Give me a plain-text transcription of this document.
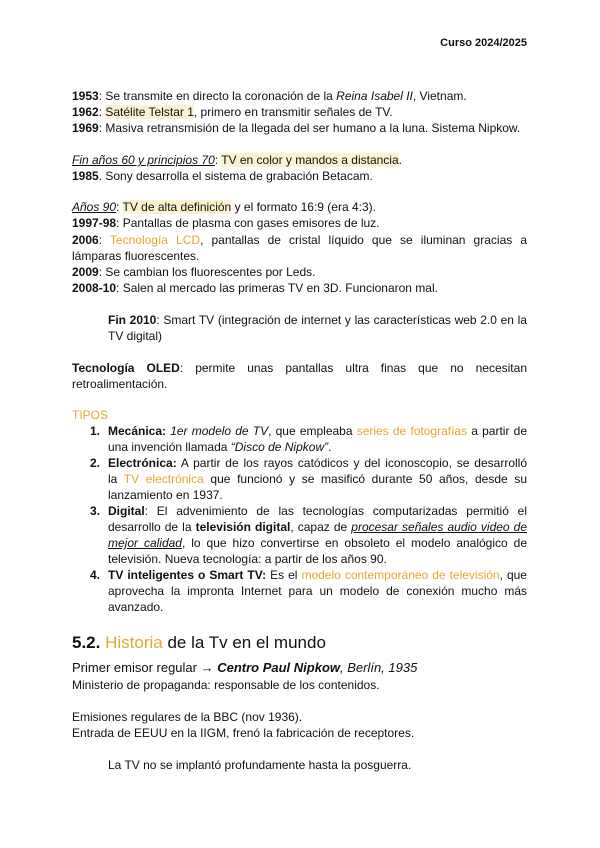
Curso 2024/2025
1953: Se transmite en directo la coronación de la Reina Isabel II, Vietnam.
1962: Satélite Telstar 1, primero en transmitir señales de TV.
1969: Masiva retransmisión de la llegada del ser humano a la luna. Sistema Nipkow.
Fin años 60 y principios 70: TV en color y mandos a distancia.
1985. Sony desarrolla el sistema de grabación Betacam.
Años 90: TV de alta definición y el formato 16:9 (era 4:3).
1997-98: Pantallas de plasma con gases emisores de luz.
2006: Tecnología LCD, pantallas de cristal líquido que se iluminan gracias a
lámparas fluorescentes.
2009: Se cambian los fluorescentes por Leds.
2008-10: Salen al mercado las primeras TV en 3D. Funcionaron mal.
Fin 2010: Smart TV (integración de internet y las características web 2.0 en la
TV digital)
Tecnología OLED: permite unas pantallas ultra finas que no necesitan
retroalimentación.
TIPOS
1. Mecánica: 1er modelo de TV, que empleaba series de fotografías a partir de
una invención llamada “Disco de Nipkow”.
2. Electrónica: A partir de los rayos catódicos y del iconoscopio, se desarrolló
la TV electrónica que funcionó y se masificó durante 50 años, desde su
lanzamiento en 1937.
3. Digital: El advenimiento de las tecnologías computarizadas permitió el
desarrollo de la televisión digital, capaz de procesar señales audio video de
mejor calidad, lo que hizo convertirse en obsoleto el modelo analógico de
televisión. Nueva tecnología: a partir de los años 90.
4. TV inteligentes o Smart TV: Es el modelo contemporáneo de televisión, que
aprovecha la impronta Internet para un modelo de conexión mucho más
avanzado.
5.2. Historia de la Tv en el mundo
Primer emisor regular → Centro Paul Nipkow, Berlín, 1935
Ministerio de propaganda: responsable de los contenidos.
Emisiones regulares de la BBC (nov 1936).
Entrada de EEUU en la IIGM, frenó la fabricación de receptores.
La TV no se implantó profundamente hasta la posguerra.
